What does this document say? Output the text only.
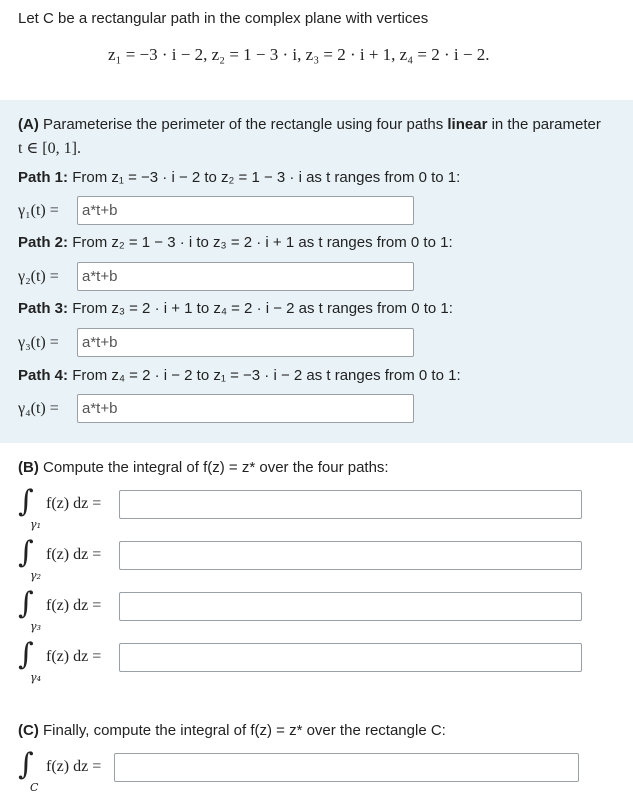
Let C be a rectangular path in the complex plane with vertices
z₁ = −3 · i − 2, z₂ = 1 − 3 · i, z₃ = 2 · i + 1, z₄ = 2 · i − 2.
(A) Parameterise the perimeter of the rectangle using four paths linear in the parameter
t ∈ [0, 1].
Path 1: From z₁ = −3 · i − 2 to z₂ = 1 − 3 · i as t ranges from 0 to 1:
γ₁(t) =
a*t+b
Path 2: From z₂ = 1 − 3 · i to z₃ = 2 · i + 1 as t ranges from 0 to 1:
γ₂(t) =
a*t+b
Path 3: From z₃ = 2 · i + 1 to z₄ = 2 · i − 2 as t ranges from 0 to 1:
γ₃(t) =
a*t+b
Path 4: From z₄ = 2 · i − 2 to z₁ = −3 · i − 2 as t ranges from 0 to 1:
γ₄(t) =
a*t+b
(B) Compute the integral of f(z) = z* over the four paths:
∫
γ₁
f(z) dz =
∫
γ₂
f(z) dz =
∫
γ₃
f(z) dz =
∫
γ₄
f(z) dz =
(C) Finally, compute the integral of f(z) = z* over the rectangle C:
∫
C
f(z) dz =
